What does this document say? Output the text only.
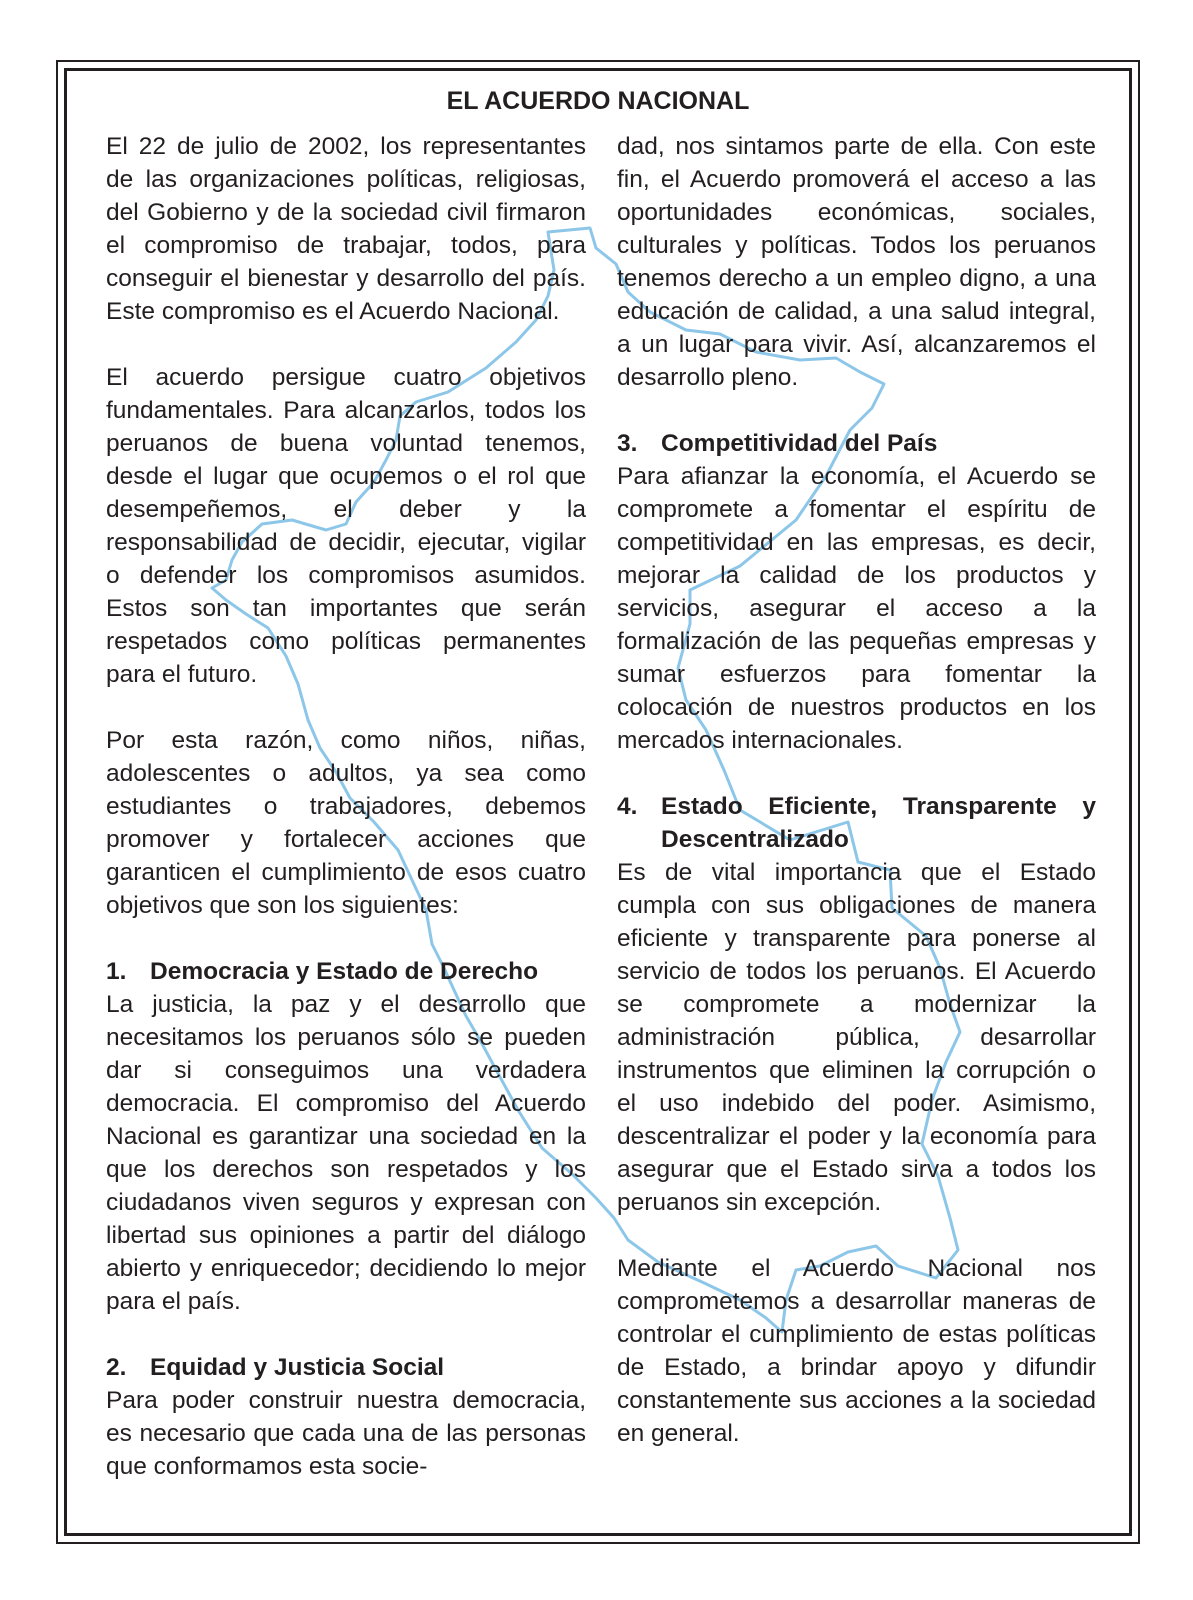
EL ACUERDO NACIONAL

El 22 de julio de 2002, los representantes de las organizaciones políticas, religiosas, del Gobierno y de la sociedad civil firmaron el compromiso de trabajar, todos, para conseguir el bienestar y desarrollo del país. Este compromiso es el Acuerdo Nacional.

El acuerdo persigue cuatro objetivos fundamentales. Para alcanzarlos, todos los peruanos de buena voluntad tenemos, desde el lugar que ocupemos o el rol que desempeñemos, el deber y la responsabilidad de decidir, ejecutar, vigilar o defender los compromisos asumidos. Estos son tan importantes que serán respetados como políticas permanentes para el futuro.

Por esta razón, como niños, niñas, adolescentes o adultos, ya sea como estudiantes o trabajadores, debemos promover y fortalecer acciones que garanticen el cumplimiento de esos cuatro objetivos que son los siguientes:

1. Democracia y Estado de Derecho

La justicia, la paz y el desarrollo que necesitamos los peruanos sólo se pueden dar si conseguimos una verdadera democracia. El compromiso del Acuerdo Nacional es garantizar una sociedad en la que los derechos son respetados y los ciudadanos viven seguros y expresan con libertad sus opiniones a partir del diálogo abierto y enriquecedor; decidiendo lo mejor para el país.

2. Equidad y Justicia Social

Para poder construir nuestra democracia, es necesario que cada una de las personas que conformamos esta socie-

dad, nos sintamos parte de ella. Con este fin, el Acuerdo promoverá el acceso a las oportunidades económicas, sociales, culturales y políticas. Todos los peruanos tenemos derecho a un empleo digno, a una educación de calidad, a una salud integral, a un lugar para vivir. Así, alcanzaremos el desarrollo pleno.

3. Competitividad del País

Para afianzar la economía, el Acuerdo se compromete a fomentar el espíritu de competitividad en las empresas, es decir, mejorar la calidad de los productos y servicios, asegurar el acceso a la formalización de las pequeñas empresas y sumar esfuerzos para fomentar la colocación de nuestros productos en los mercados internacionales.

4. Estado Eficiente, Transparente y Descentralizado

Es de vital importancia que el Estado cumpla con sus obligaciones de manera eficiente y transparente para ponerse al servicio de todos los peruanos. El Acuerdo se compromete a modernizar la administración pública, desarrollar instrumentos que eliminen la corrupción o el uso indebido del poder. Asimismo, descentralizar el poder y la economía para asegurar que el Estado sirva a todos los peruanos sin excepción.

Mediante el Acuerdo Nacional nos comprometemos a desarrollar maneras de controlar el cumplimiento de estas políticas de Estado, a brindar apoyo y difundir constantemente sus acciones a la sociedad en general.
